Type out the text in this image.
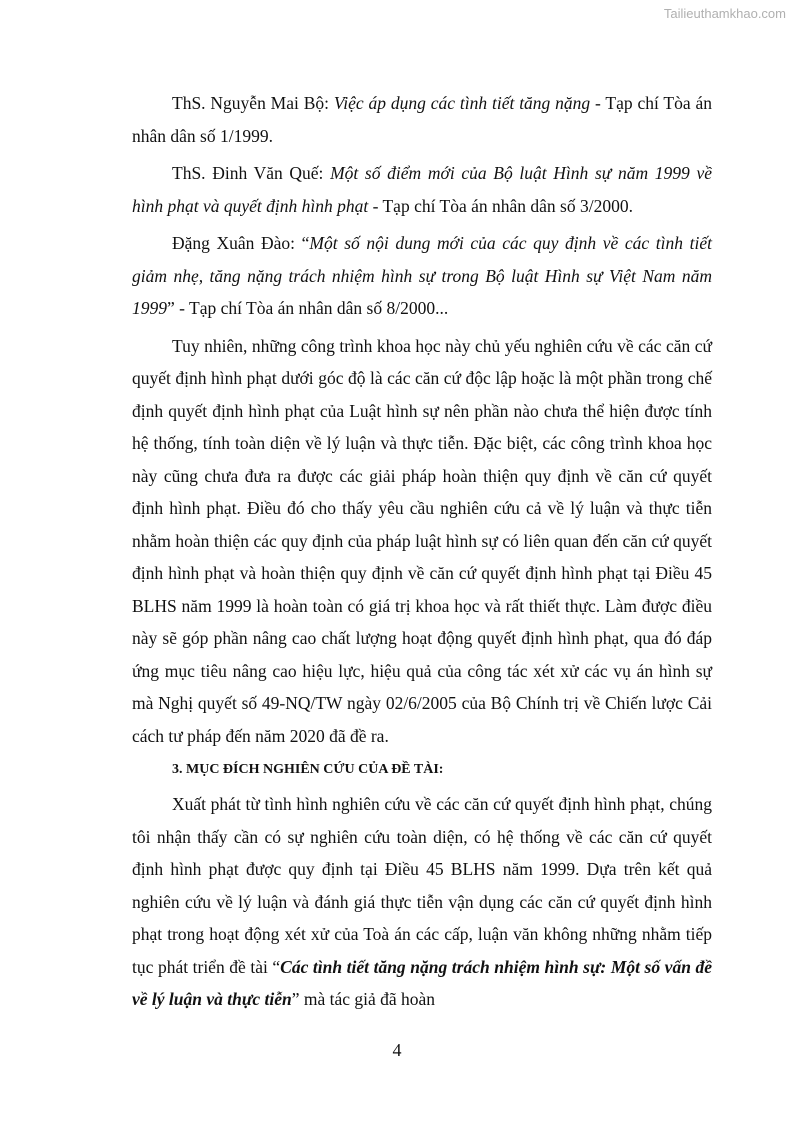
Tailieuthamkhao.com

ThS. Nguyễn Mai Bộ: Việc áp dụng các tình tiết tăng nặng - Tạp chí Tòa án nhân dân số 1/1999.

ThS. Đinh Văn Quế: Một số điểm mới của Bộ luật Hình sự năm 1999 về hình phạt và quyết định hình phạt - Tạp chí Tòa án nhân dân số 3/2000.

Đặng Xuân Đào: “Một số nội dung mới của các quy định về các tình tiết giảm nhẹ, tăng nặng trách nhiệm hình sự trong Bộ luật Hình sự Việt Nam năm 1999” - Tạp chí Tòa án nhân dân số 8/2000...

Tuy nhiên, những công trình khoa học này chủ yếu nghiên cứu về các căn cứ quyết định hình phạt dưới góc độ là các căn cứ độc lập hoặc là một phần trong chế định quyết định hình phạt của Luật hình sự nên phần nào chưa thể hiện được tính hệ thống, tính toàn diện về lý luận và thực tiễn. Đặc biệt, các công trình khoa học này cũng chưa đưa ra được các giải pháp hoàn thiện quy định về căn cứ quyết định hình phạt. Điều đó cho thấy yêu cầu nghiên cứu cả về lý luận và thực tiễn nhằm hoàn thiện các quy định của pháp luật hình sự có liên quan đến căn cứ quyết định hình phạt và hoàn thiện quy định về căn cứ quyết định hình phạt tại Điều 45 BLHS năm 1999 là hoàn toàn có giá trị khoa học và rất thiết thực. Làm được điều này sẽ góp phần nâng cao chất lượng hoạt động quyết định hình phạt, qua đó đáp ứng mục tiêu nâng cao hiệu lực, hiệu quả của công tác xét xử các vụ án hình sự mà Nghị quyết số 49-NQ/TW ngày 02/6/2005 của Bộ Chính trị về Chiến lược Cải cách tư pháp đến năm 2020 đã đề ra.

3. MỤC ĐÍCH NGHIÊN CỨU CỦA ĐỀ TÀI:

Xuất phát từ tình hình nghiên cứu về các căn cứ quyết định hình phạt, chúng tôi nhận thấy cần có sự nghiên cứu toàn diện, có hệ thống về các căn cứ quyết định hình phạt được quy định tại Điều 45 BLHS năm 1999. Dựa trên kết quả nghiên cứu về lý luận và đánh giá thực tiễn vận dụng các căn cứ quyết định hình phạt trong hoạt động xét xử của Toà án các cấp, luận văn không những nhằm tiếp tục phát triển đề tài “Các tình tiết tăng nặng trách nhiệm hình sự: Một số vấn đề về lý luận và thực tiễn” mà tác giả đã hoàn

4
